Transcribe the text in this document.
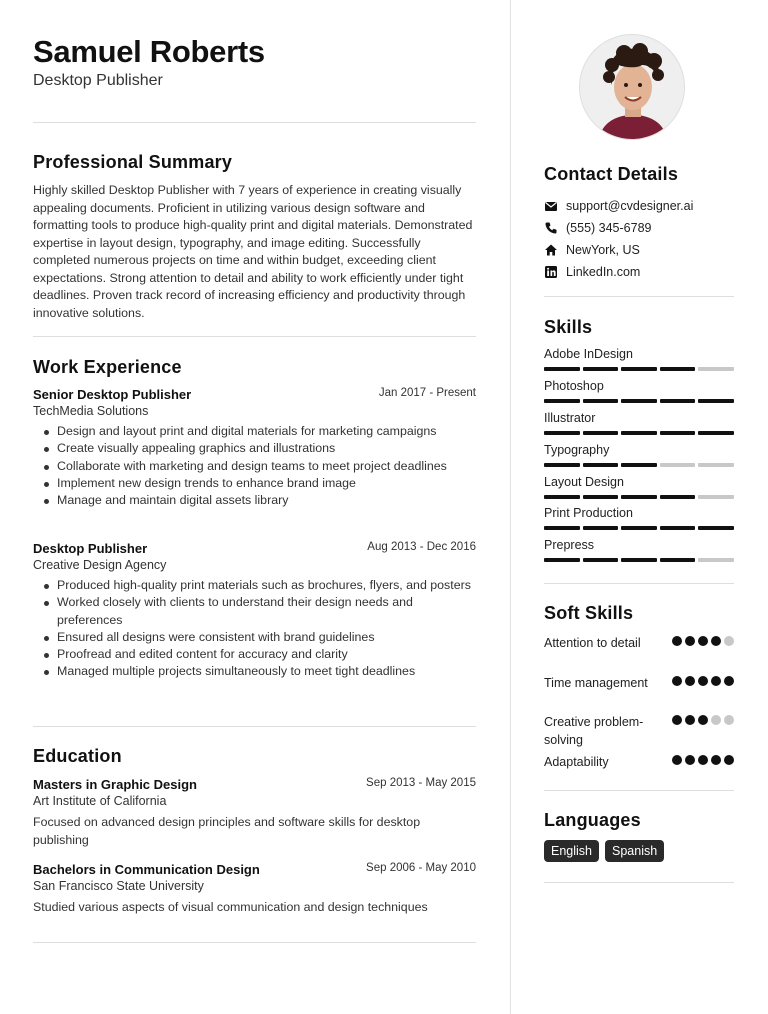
Samuel Roberts
Desktop Publisher
Professional Summary
Highly skilled Desktop Publisher with 7 years of experience in creating visually appealing documents. Proficient in utilizing various design software and formatting tools to produce high-quality print and digital materials. Demonstrated expertise in layout design, typography, and image editing. Successfully completed numerous projects on time and within budget, exceeding client expectations. Strong attention to detail and ability to work efficiently under tight deadlines. Proven track record of increasing efficiency and productivity through innovative solutions.
Work Experience
Senior Desktop Publisher	Jan 2017 - Present
TechMedia Solutions
Design and layout print and digital materials for marketing campaigns
Create visually appealing graphics and illustrations
Collaborate with marketing and design teams to meet project deadlines
Implement new design trends to enhance brand image
Manage and maintain digital assets library
Desktop Publisher	Aug 2013 - Dec 2016
Creative Design Agency
Produced high-quality print materials such as brochures, flyers, and posters
Worked closely with clients to understand their design needs and preferences
Ensured all designs were consistent with brand guidelines
Proofread and edited content for accuracy and clarity
Managed multiple projects simultaneously to meet tight deadlines
Education
Masters in Graphic Design	Sep 2013 - May 2015
Art Institute of California
Focused on advanced design principles and software skills for desktop publishing
Bachelors in Communication Design	Sep 2006 - May 2010
San Francisco State University
Studied various aspects of visual communication and design techniques
Contact Details
support@cvdesigner.ai
(555) 345-6789
NewYork, US
LinkedIn.com
Skills
Adobe InDesign
Photoshop
Illustrator
Typography
Layout Design
Print Production
Prepress
Soft Skills
Attention to detail
Time management
Creative problem-solving
Adaptability
Languages
English	Spanish
